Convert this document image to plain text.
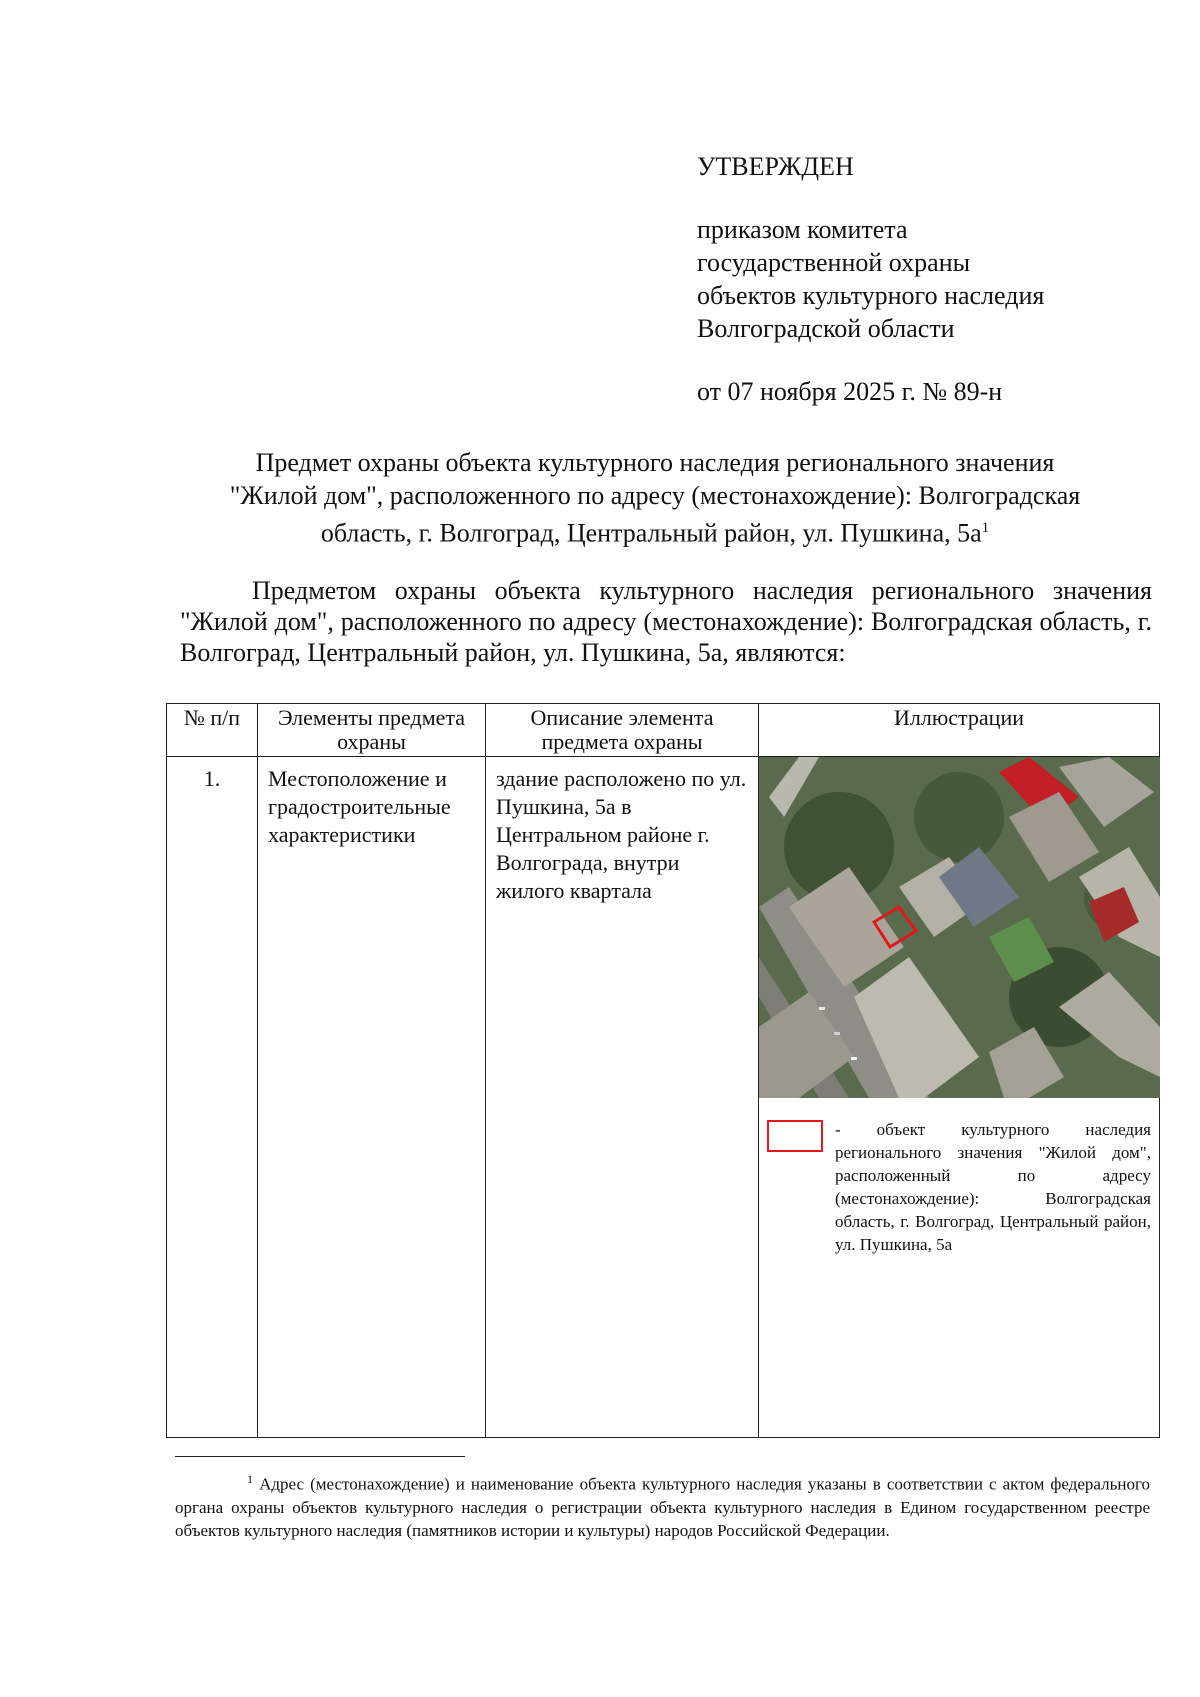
УТВЕРЖДЕН
приказом комитета
государственной охраны
объектов культурного наследия
Волгоградской области
от 07 ноября 2025 г. № 89-н
Предмет охраны объекта культурного наследия регионального значения
"Жилой дом", расположенного по адресу (местонахождение): Волгоградская
область, г. Волгоград, Центральный район, ул. Пушкина, $5а^1$
Предметом охраны объекта культурного наследия регионального значения "Жилой дом", расположенного по адресу (местонахождение): Волгоградская область, г. Волгоград, Центральный район, ул. Пушкина, 5а, являются:
№ п/п	Элементы предмета охраны	Описание элемента предмета охраны	Иллюстрации
1.	Местоположение и градостроительные характеристики	здание расположено по ул. Пушкина, 5а в Центральном районе г. Волгограда, внутри жилого квартала	- объект культурного наследия регионального значения "Жилой дом", расположенный по адресу (местонахождение): Волгоградская область, г. Волгоград, Центральный район, ул. Пушкина, 5а
$^1$ Адрес (местонахождение) и наименование объекта культурного наследия указаны в соответствии с актом федерального органа охраны объектов культурного наследия о регистрации объекта культурного наследия в Едином государственном реестре объектов культурного наследия (памятников истории и культуры) народов Российской Федерации.
